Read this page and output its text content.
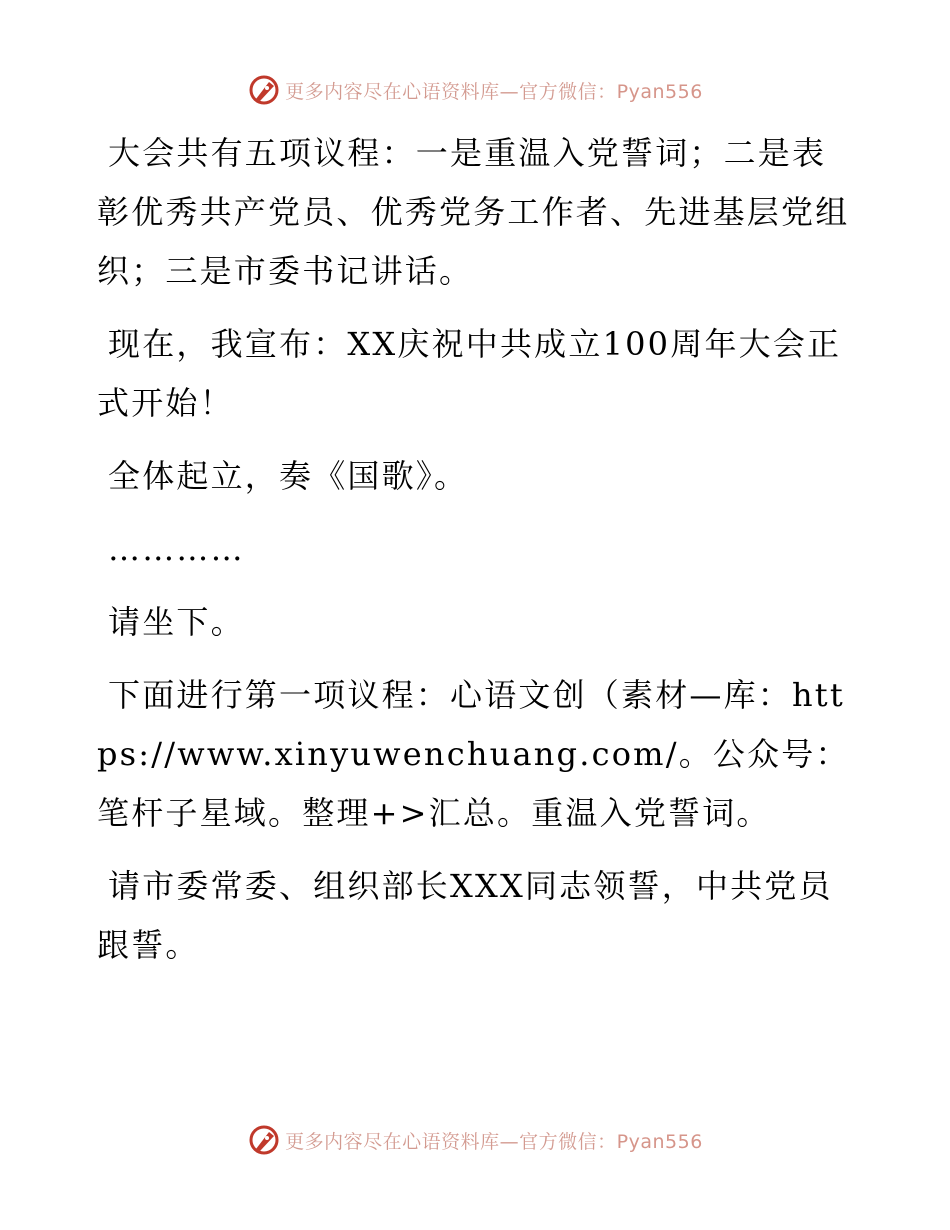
更多内容尽在心语资料库—官方微信：Pyan556

大会共有五项议程：一是重温入党誓词；二是表彰优秀共产党员、优秀党务工作者、先进基层党组织；三是市委书记讲话。

现在，我宣布：XX庆祝中共成立100周年大会正式开始！

全体起立，奏《国歌》。

…………

请坐下。

下面进行第一项议程：心语文创（素材—库：https://www.xinyuwenchuang.com/。公众号：笔杆子星域。整理+>汇总。重温入党誓词。

请市委常委、组织部长XXX同志领誓，中共党员跟誓。

更多内容尽在心语资料库—官方微信：Pyan556
